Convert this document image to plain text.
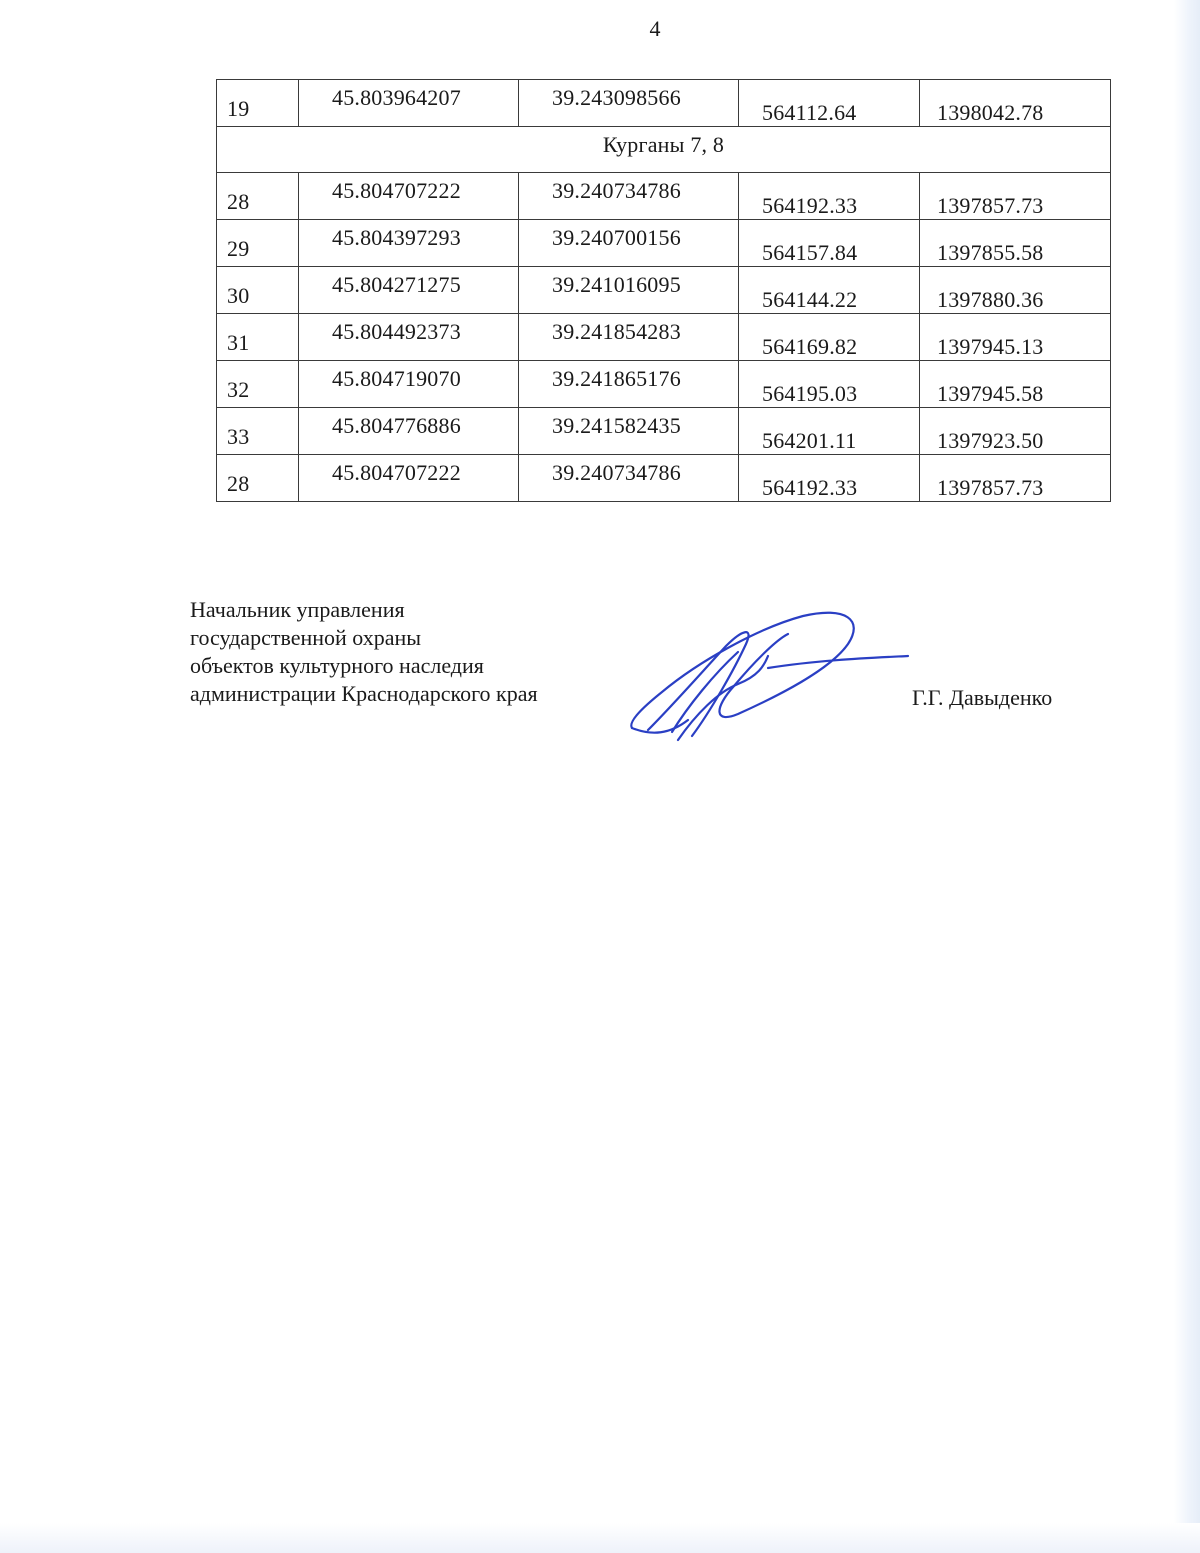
4
19	45.803964207	39.243098566	564112.64	1398042.78
Курганы 7, 8				
28	45.804707222	39.240734786	564192.33	1397857.73
29	45.804397293	39.240700156	564157.84	1397855.58
30	45.804271275	39.241016095	564144.22	1397880.36
31	45.804492373	39.241854283	564169.82	1397945.13
32	45.804719070	39.241865176	564195.03	1397945.58
33	45.804776886	39.241582435	564201.11	1397923.50
28	45.804707222	39.240734786	564192.33	1397857.73
Начальник управления
государственной охраны
объектов культурного наследия
администрации Краснодарского края	Г.Г. Давыденко
